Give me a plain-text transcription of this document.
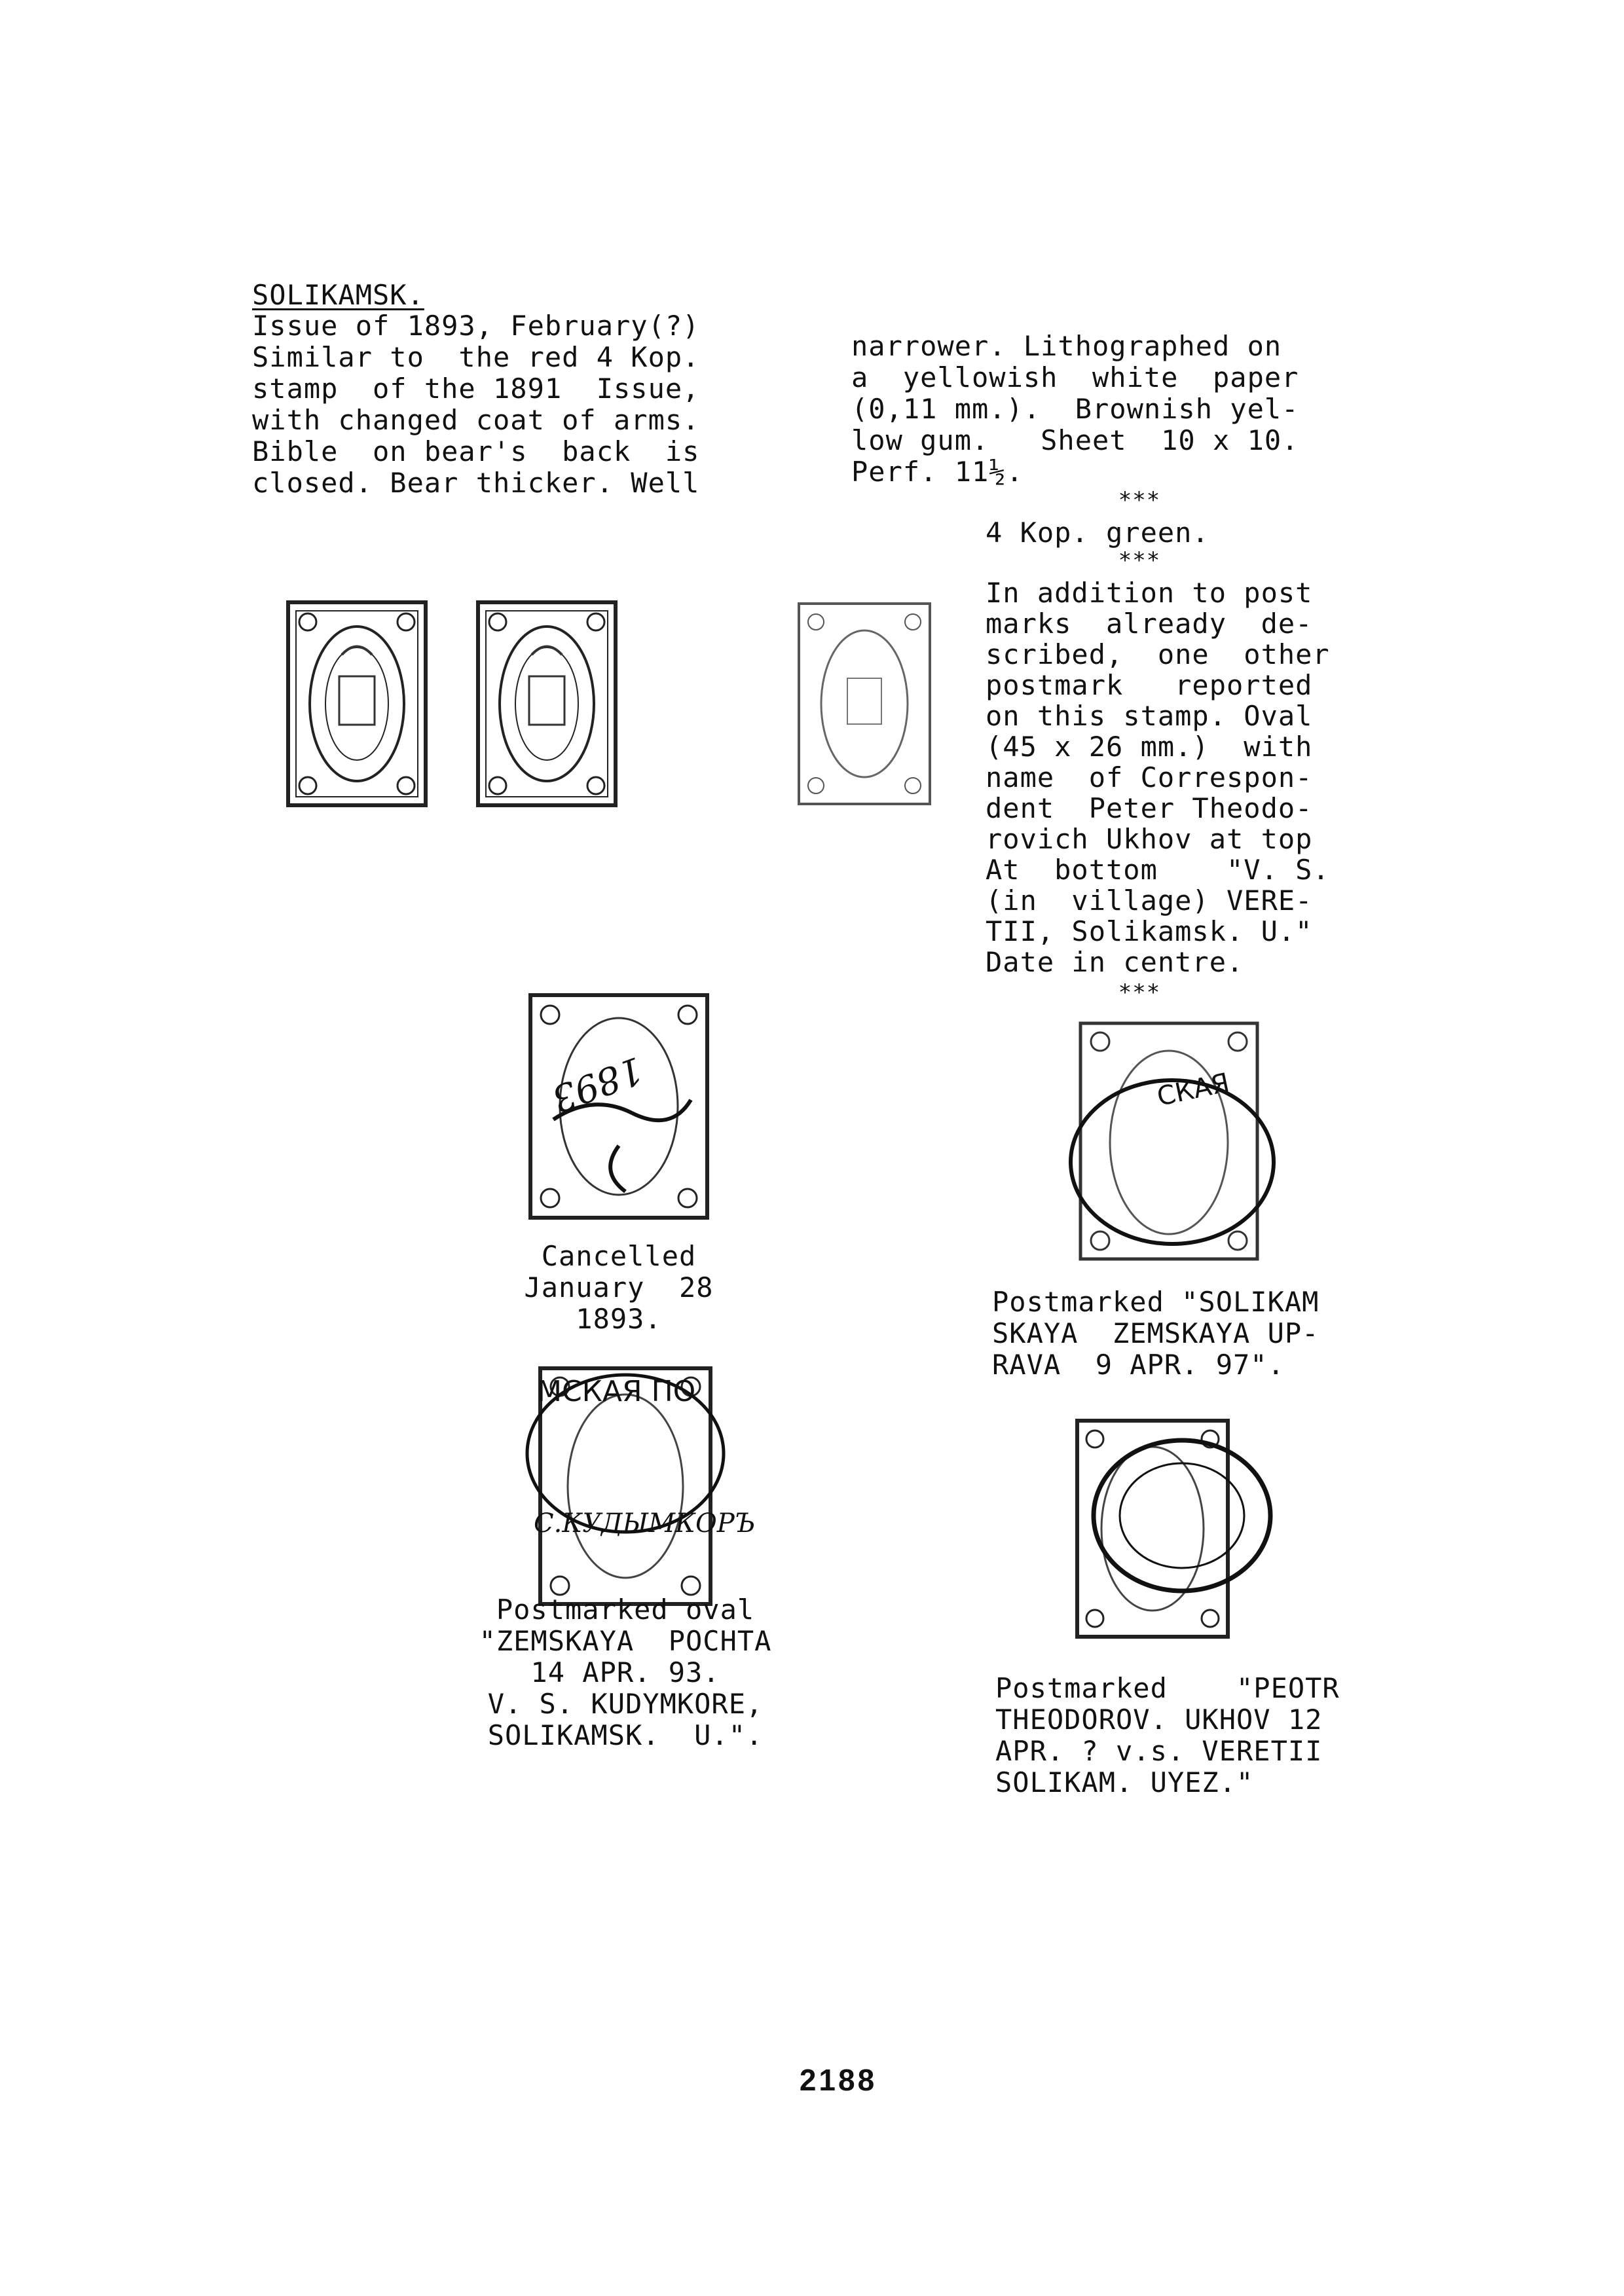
SOLIKAMSK.
Issue of 1893, February(?)
Similar to  the red 4 Kop.
stamp  of the 1891  Issue,
with changed coat of arms.
Bible  on bear's  back  is
closed. Bear thicker. Well
narrower. Lithographed on
a  yellowish  white  paper
(0,11 mm.).  Brownish yel-
low gum.   Sheet  10 x 10.
Perf. 11½.
***
4 Kop. green.
***
In addition to post
marks  already  de-
scribed,  one  other
postmark   reported
on this stamp. Oval
(45 x 26 mm.)  with
name  of Correspon-
dent  Peter Theodo-
rovich Ukhov at top
At  bottom    "V. S.
(in  village) VERE-
TII, Solikamsk. U."
Date in centre.
***
1893
Cancelled
January  28
1893.
МСКАЯ ПО
С.КУДЫМКОРЪ
Postmarked oval
"ZEMSKAYA  POCHTA
14 APR. 93.
V. S. KUDYMKORE,
SOLIKAMSK.  U.".
СКАЯ
Postmarked "SOLIKAM
SKAYA  ZEMSKAYA UP-
RAVA  9 APR. 97".
Postmarked    "PEOTR
THEODOROV. UKHOV 12
APR. ? v.s. VERETII
SOLIKAM. UYEZ."
2188
